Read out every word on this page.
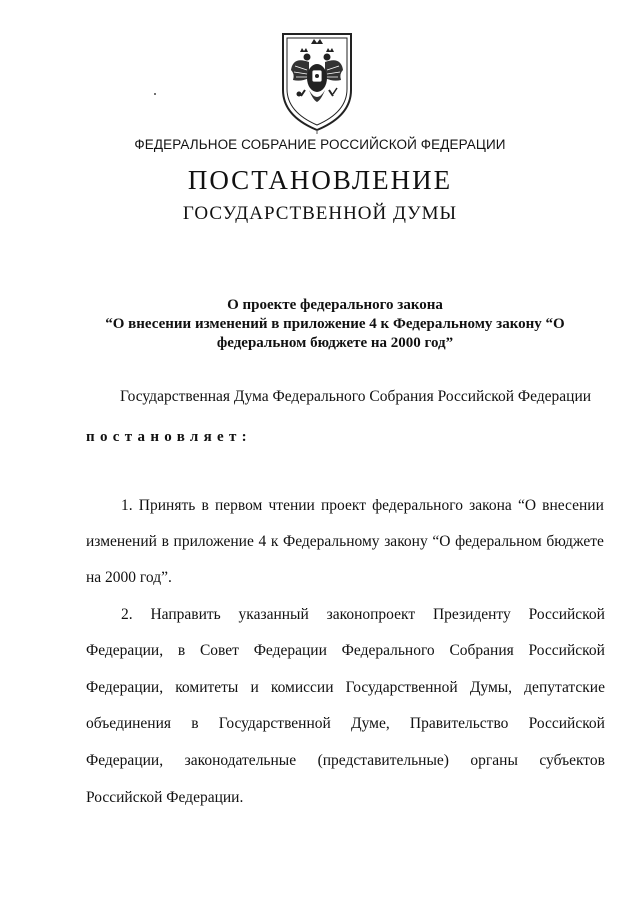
ФЕДЕРАЛЬНОЕ СОБРАНИЕ РОССИЙСКОЙ ФЕДЕРАЦИИ
ПОСТАНОВЛЕНИЕ
ГОСУДАРСТВЕННОЙ ДУМЫ
О проекте федерального закона
“О внесении изменений в приложение 4 к Федеральному закону “О
федеральном бюджете на 2000 год”
Государственная Дума Федерального Собрания Российской Федерации
постановляет:
1. Принять в первом чтении проект федерального закона “О внесении
изменений в приложение 4 к Федеральному закону “О федеральном бюджете
на 2000 год”.
2. Направить указанный законопроект Президенту Российской
Федерации, в Совет Федерации Федерального Собрания Российской
Федерации, комитеты и комиссии Государственной Думы, депутатские
объединения в Государственной Думе, Правительство Российской
Федерации, законодательные (представительные) органы субъектов
Российской Федерации.
